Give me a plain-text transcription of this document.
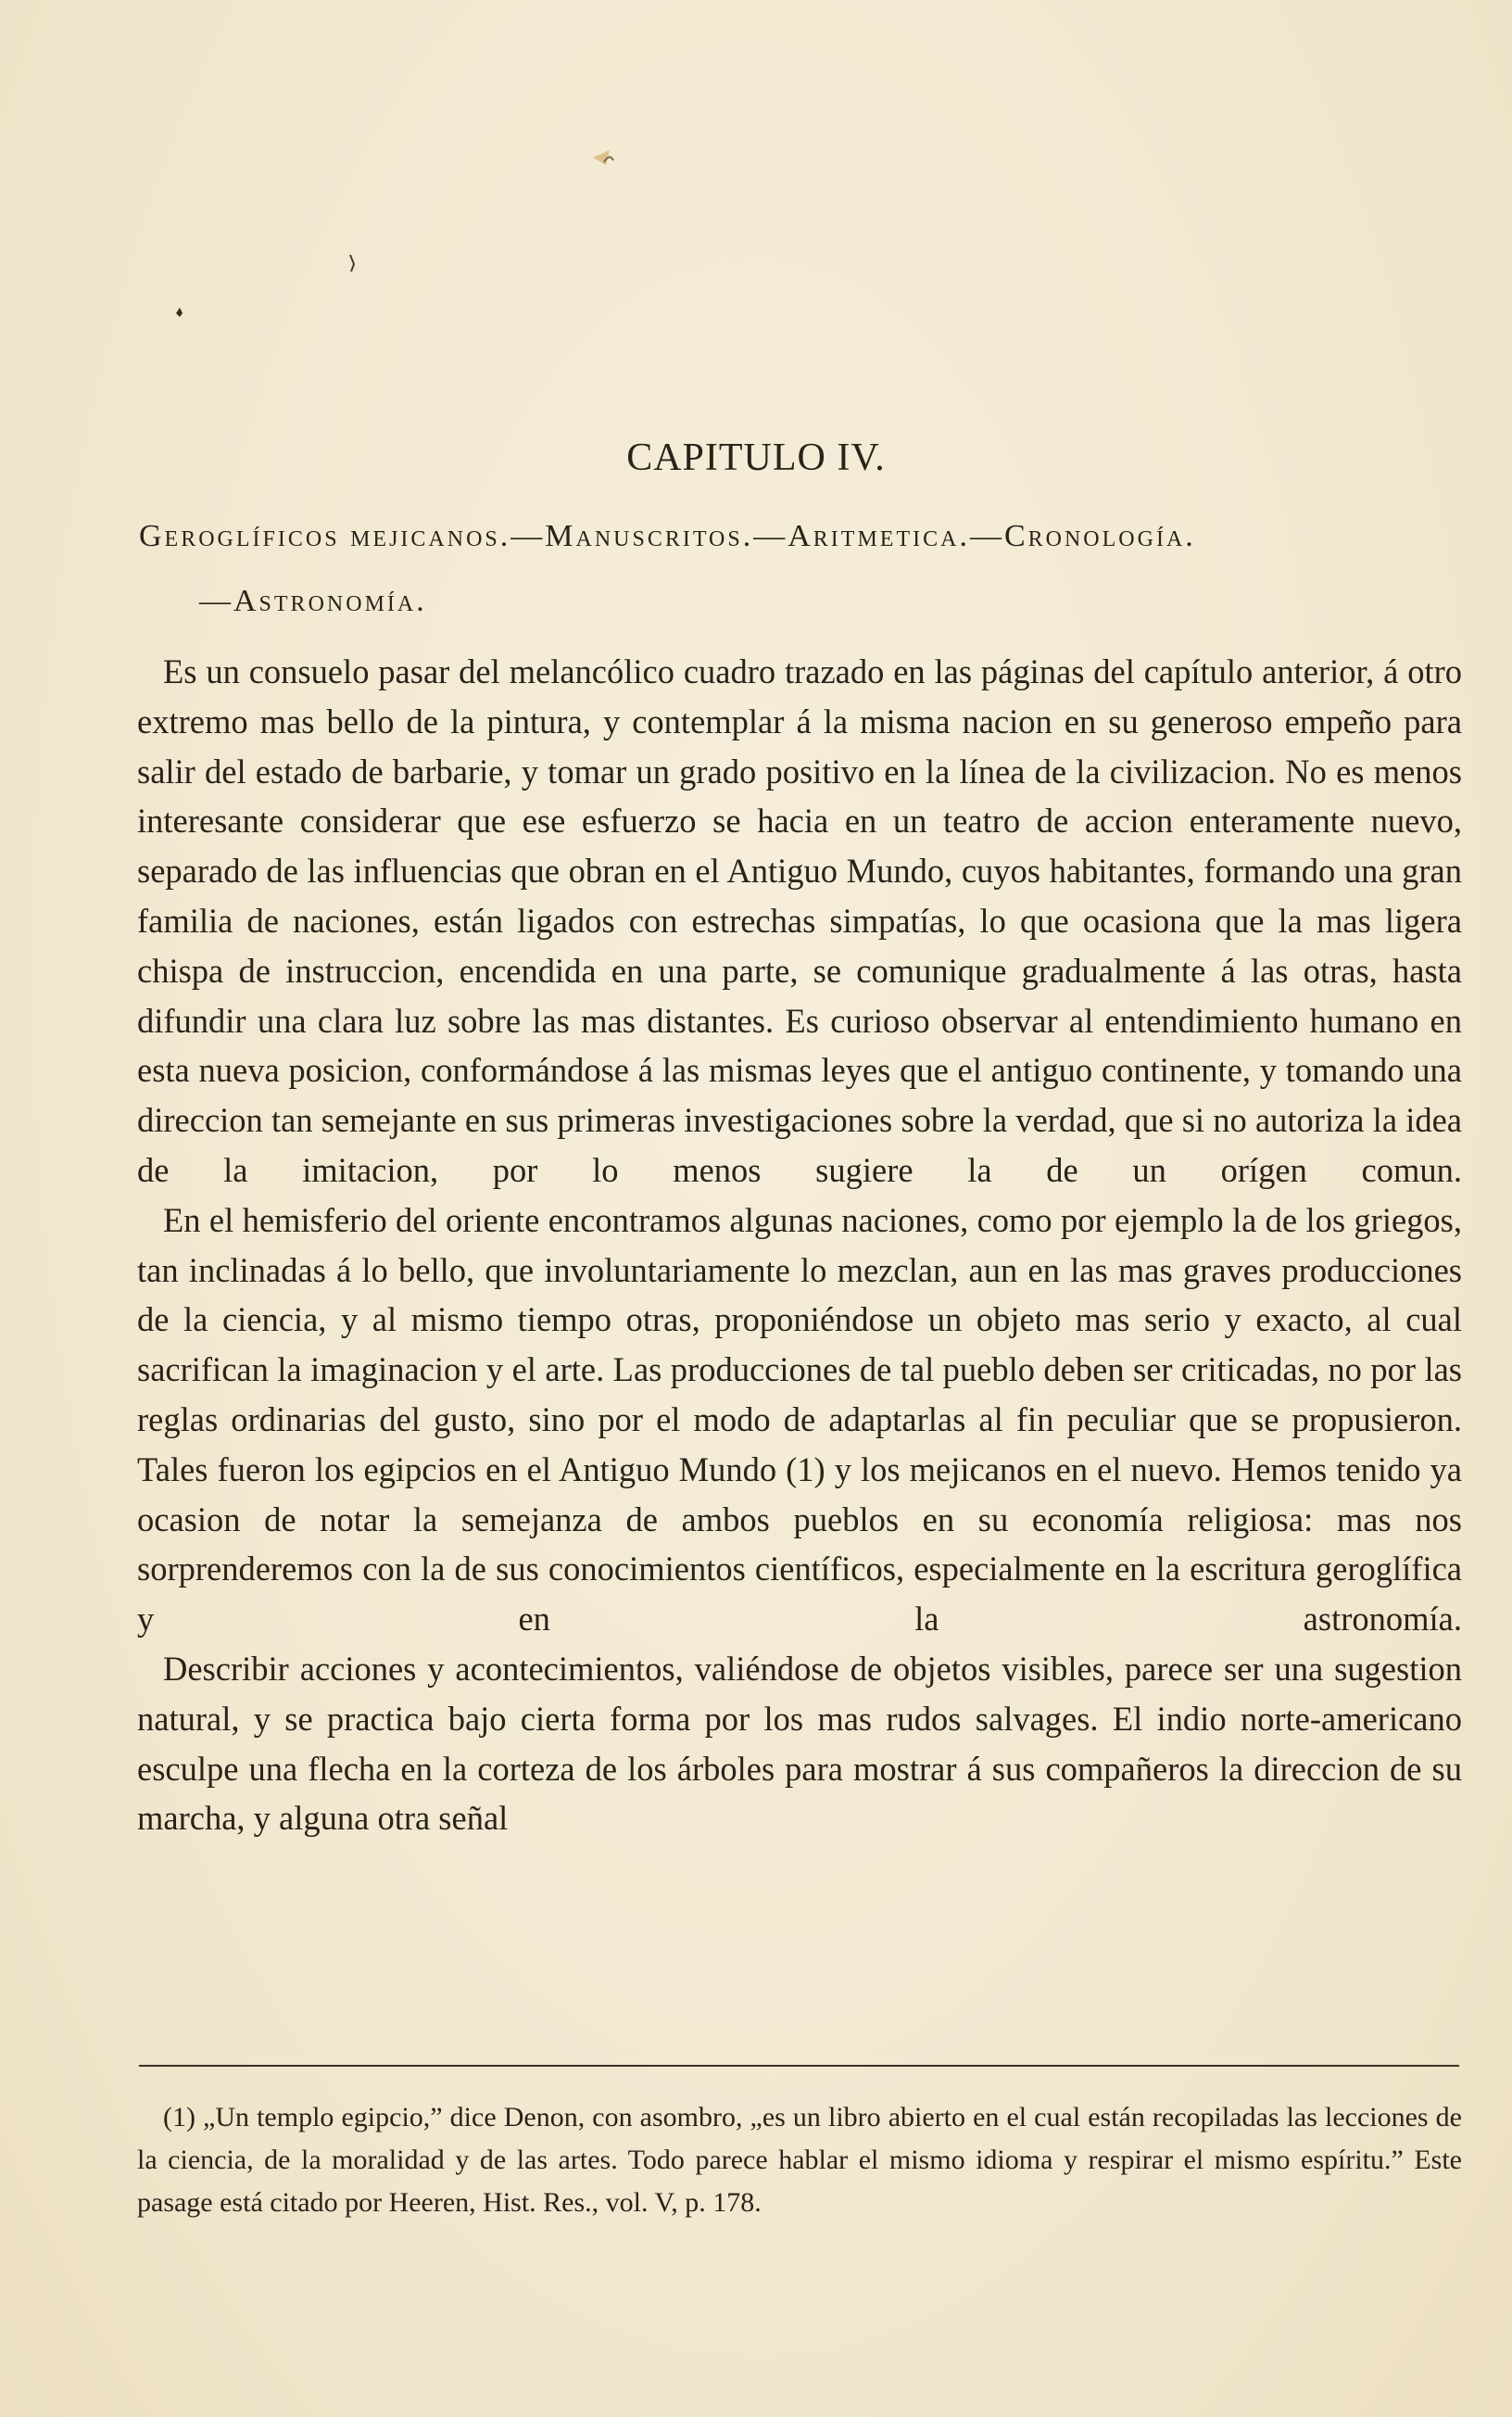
CAPITULO IV.
Geroglíficos mejicanos.—Manuscritos.—Aritmetica.—Cronología.
—Astronomía.

Es un consuelo pasar del melancólico cuadro trazado en las páginas del capítulo anterior, á otro extremo mas bello de la pintura, y contemplar á la misma nacion en su generoso empeño para salir del estado de barbarie, y tomar un grado positivo en la línea de la civilizacion. No es menos interesante considerar que ese esfuerzo se hacia en un teatro de accion enteramente nuevo, separado de las influencias que obran en el Antiguo Mundo, cuyos habitantes, formando una gran familia de naciones, están ligados con estrechas simpatías, lo que ocasiona que la mas ligera chispa de instruccion, encendida en una parte, se comunique gradualmente á las otras, hasta difundir una clara luz sobre las mas distantes. Es curioso observar al entendimiento humano en esta nueva posicion, conformándose á las mismas leyes que el antiguo continente, y tomando una direccion tan semejante en sus primeras investigaciones sobre la verdad, que si no autoriza la idea de la imitacion, por lo menos sugiere la de un orígen comun.

En el hemisferio del oriente encontramos algunas naciones, como por ejemplo la de los griegos, tan inclinadas á lo bello, que involuntariamente lo mezclan, aun en las mas graves producciones de la ciencia, y al mismo tiempo otras, proponiéndose un objeto mas serio y exacto, al cual sacrifican la imaginacion y el arte. Las producciones de tal pueblo deben ser criticadas, no por las reglas ordinarias del gusto, sino por el modo de adaptarlas al fin peculiar que se propusieron. Tales fueron los egipcios en el Antiguo Mundo (1) y los mejicanos en el nuevo. Hemos tenido ya ocasion de notar la semejanza de ambos pueblos en su economía religiosa: mas nos sorprenderemos con la de sus conocimientos científicos, especialmente en la escritura geroglífica y en la astronomía.

Describir acciones y acontecimientos, valiéndose de objetos visibles, parece ser una sugestion natural, y se practica bajo cierta forma por los mas rudos salvages. El indio norte-americano esculpe una flecha en la corteza de los árboles para mostrar á sus compañeros la direccion de su marcha, y alguna otra señal

(1) „Un templo egipcio,” dice Denon, con asombro, „es un libro abierto en el cual están recopiladas las lecciones de la ciencia, de la moralidad y de las artes. Todo parece hablar el mismo idioma y respirar el mismo espíritu.” Este pasage está citado por Heeren, Hist. Res., vol. V, p. 178.
